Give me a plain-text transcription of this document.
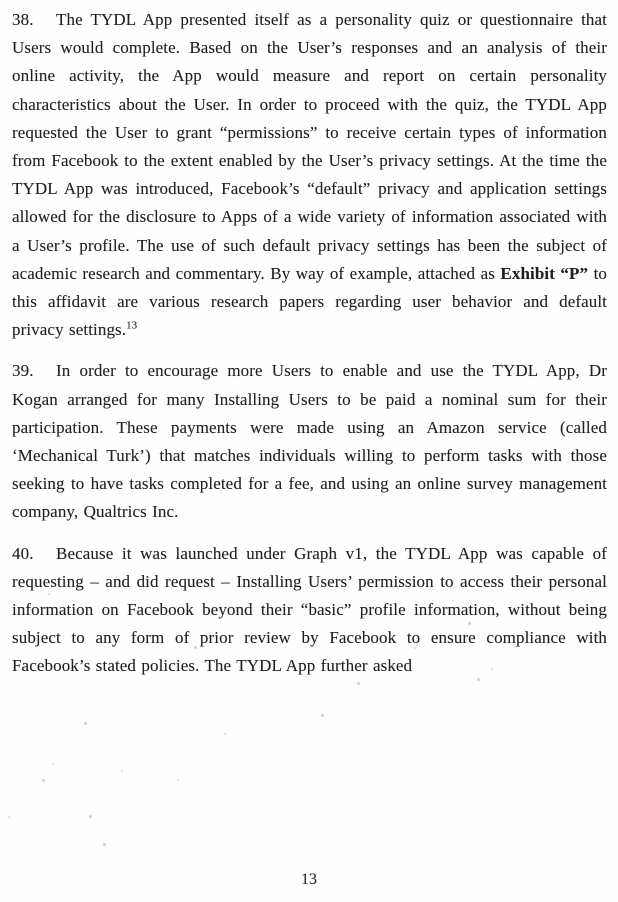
38. The TYDL App presented itself as a personality quiz or questionnaire that Users would complete. Based on the User’s responses and an analysis of their online activity, the App would measure and report on certain personality characteristics about the User. In order to proceed with the quiz, the TYDL App requested the User to grant “permissions” to receive certain types of information from Facebook to the extent enabled by the User’s privacy settings. At the time the TYDL App was introduced, Facebook’s “default” privacy and application settings allowed for the disclosure to Apps of a wide variety of information associated with a User’s profile. The use of such default privacy settings has been the subject of academic research and commentary. By way of example, attached as Exhibit “P” to this affidavit are various research papers regarding user behavior and default privacy settings.$^{13}$

39. In order to encourage more Users to enable and use the TYDL App, Dr Kogan arranged for many Installing Users to be paid a nominal sum for their participation. These payments were made using an Amazon service (called ‘Mechanical Turk’) that matches individuals willing to perform tasks with those seeking to have tasks completed for a fee, and using an online survey management company, Qualtrics Inc.

40. Because it was launched under Graph v1, the TYDL App was capable of requesting – and did request – Installing Users’ permission to access their personal information on Facebook beyond their “basic” profile information, without being subject to any form of prior review by Facebook to ensure compliance with Facebook’s stated policies. The TYDL App further asked

13
